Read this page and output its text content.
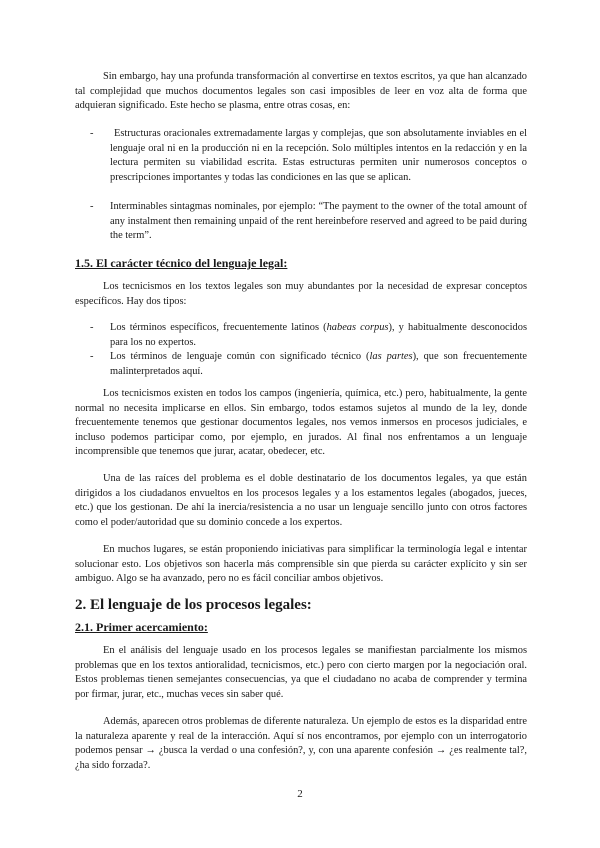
Sin embargo, hay una profunda transformación al convertirse en textos escritos, ya que han alcanzado tal complejidad que muchos documentos legales son casi imposibles de leer en voz alta de forma que adquieran significado. Este hecho se plasma, entre otras cosas, en:

-	Estructuras oracionales extremadamente largas y complejas, que son absolutamente inviables en el lenguaje oral ni en la producción ni en la recepción. Solo múltiples intentos en la redacción y en la lectura permiten su viabilidad escrita. Estas estructuras permiten unir numerosos conceptos o prescripciones importantes y todas las condiciones en las que se aplican.

- Interminables sintagmas nominales, por ejemplo: “The payment to the owner of the total amount of any instalment then remaining unpaid of the rent hereinbefore reserved and agreed to be paid during the term”.

1.5. El carácter técnico del lenguaje legal:

Los tecnicismos en los textos legales son muy abundantes por la necesidad de expresar conceptos específicos. Hay dos tipos:

- Los términos específicos, frecuentemente latinos (habeas corpus), y habitualmente desconocidos para los no expertos.

- Los términos de lenguaje común con significado técnico (las partes), que son frecuentemente malinterpretados aquí.

Los tecnicismos existen en todos los campos (ingeniería, química, etc.) pero, habitualmente, la gente normal no necesita implicarse en ellos. Sin embargo, todos estamos sujetos al mundo de la ley, donde frecuentemente tenemos que gestionar documentos legales, nos vemos inmersos en procesos judiciales, e incluso podemos participar como, por ejemplo, en jurados. Al final nos enfrentamos a un lenguaje incomprensible que tenemos que jurar, acatar, obedecer, etc.

Una de las raíces del problema es el doble destinatario de los documentos legales, ya que están dirigidos a los ciudadanos envueltos en los procesos legales y a los estamentos legales (abogados, jueces, etc.) que los gestionan. De ahí la inercia/resistencia a no usar un lenguaje sencillo junto con otros factores como el poder/autoridad que su dominio concede a los expertos.

En muchos lugares, se están proponiendo iniciativas para simplificar la terminología legal e intentar solucionar esto. Los objetivos son hacerla más comprensible sin que pierda su carácter explícito y sin ser ambiguo. Algo se ha avanzado, pero no es fácil conciliar ambos objetivos.

2. El lenguaje de los procesos legales:
2.1. Primer acercamiento:

En el análisis del lenguaje usado en los procesos legales se manifiestan parcialmente los mismos problemas que en los textos antioralidad, tecnicismos, etc.) pero con cierto margen por la negociación oral. Estos problemas tienen semejantes consecuencias, ya que el ciudadano no acaba de comprender y termina por firmar, jurar, etc., muchas veces sin saber qué.

Además, aparecen otros problemas de diferente naturaleza. Un ejemplo de estos es la disparidad entre la naturaleza aparente y real de la interacción. Aquí sí nos encontramos, por ejemplo con un interrogatorio podemos pensar → ¿busca la verdad o una confesión?, y, con una aparente confesión → ¿es realmente tal?, ¿ha sido forzada?.

2
